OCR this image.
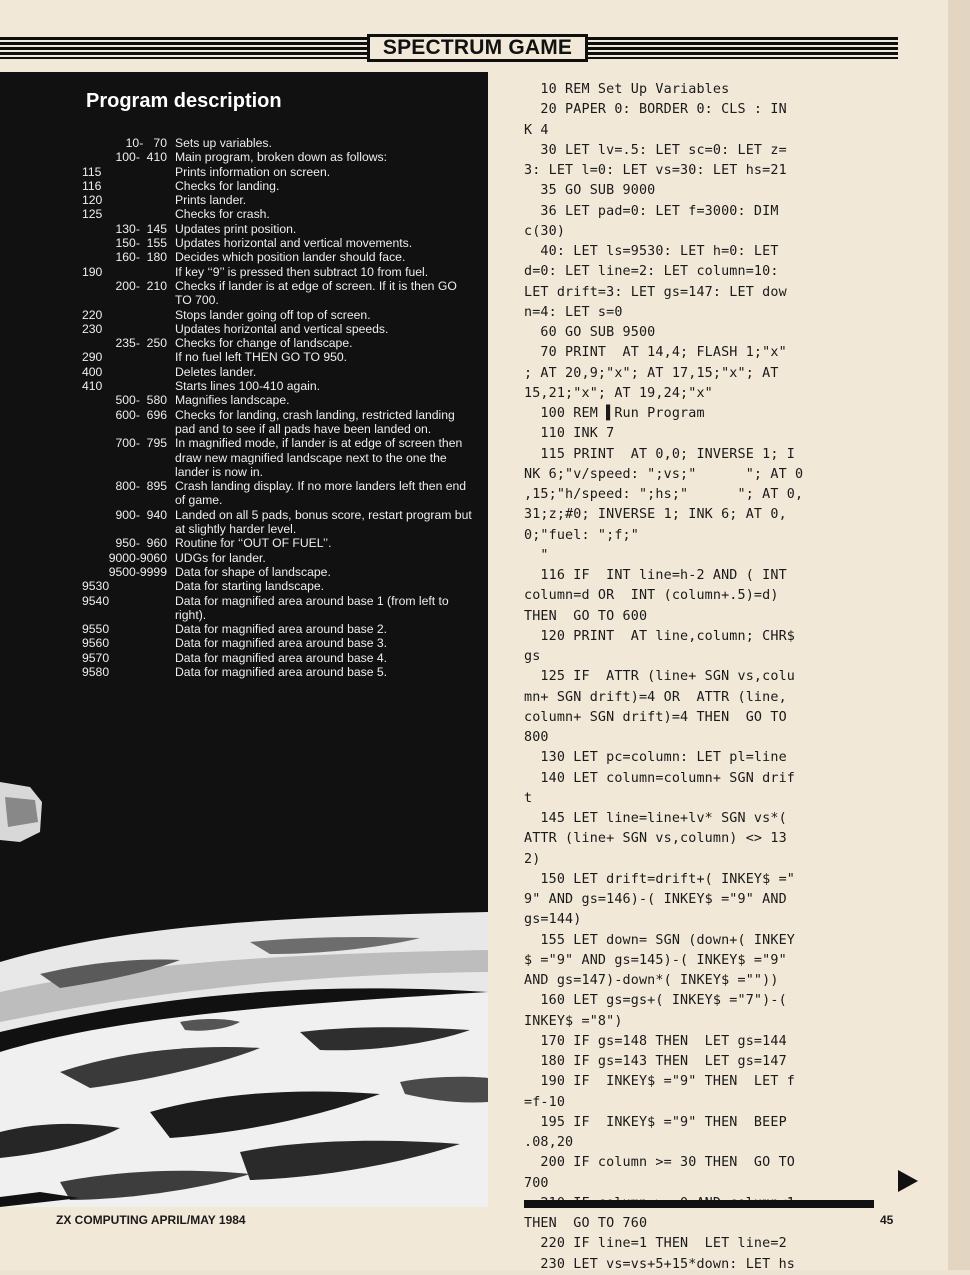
SPECTRUM GAME
Program description
10-   70 Sets up variables.
100-  410 Main program, broken down as follows:
115	Prints information on screen.
116	Checks for landing.
120	Prints lander.
125	Checks for crash.
130-  145 Updates print position.
150-  155 Updates horizontal and vertical movements.
160-  180 Decides which position lander should face.
190	If key ‘‘9’’ is pressed then subtract 10 from fuel.
200-  210 Checks if lander is at edge of screen. If it is then GO TO 700.
220	Stops lander going off top of screen.
230	Updates horizontal and vertical speeds.
235-  250 Checks for change of landscape.
290	If no fuel left THEN GO TO 950.
400	Deletes lander.
410	Starts lines 100-410 again.
500-  580 Magnifies landscape.
600-  696 Checks for landing, crash landing, restricted landing pad and to see if all pads have been landed on.
700-  795 In magnified mode, if lander is at edge of screen then draw new magnified landscape next to the one the lander is now in.
800-  895 Crash landing display. If no more landers left then end of game.
900-  940 Landed on all 5 pads, bonus score, restart program but at slightly harder level.
950-  960 Routine for ‘‘OUT OF FUEL’’.
9000-9060 UDGs for lander.
9500-9999 Data for shape of landscape.
9530	Data for starting landscape.
9540	Data for magnified area around base 1 (from left to right).
9550	Data for magnified area around base 2.
9560	Data for magnified area around base 3.
9570	Data for magnified area around base 4.
9580	Data for magnified area around base 5.
10 REM Set Up Variables
20 PAPER 0: BORDER 0: CLS : IN
K 4
30 LET lv=.5: LET sc=0: LET z=
3: LET l=0: LET vs=30: LET hs=21
35 GO SUB 9000
36 LET pad=0: LET f=3000: DIM
c(30)
40: LET ls=9530: LET h=0: LET
d=0: LET line=2: LET column=10:
LET drift=3: LET gs=147: LET dow
n=4: LET s=0
60 GO SUB 9500
70 PRINT  AT 14,4; FLASH 1;"x"
; AT 20,9;"x"; AT 17,15;"x"; AT
15,21;"x"; AT 19,24;"x"
100 REM ▌Run Program
110 INK 7
115 PRINT  AT 0,0; INVERSE 1; I
NK 6;"v/speed: ";vs;"      "; AT 0
,15;"h/speed: ";hs;"      "; AT 0,
31;z;#0; INVERSE 1; INK 6; AT 0,
0;"fuel: ";f;"
"
116 IF  INT line=h-2 AND ( INT
column=d OR  INT (column+.5)=d)
THEN  GO TO 600
120 PRINT  AT line,column; CHR$
gs
125 IF  ATTR (line+ SGN vs,colu
mn+ SGN drift)=4 OR  ATTR (line,
column+ SGN drift)=4 THEN  GO TO
800
130 LET pc=column: LET pl=line
140 LET column=column+ SGN drif
t
145 LET line=line+lv* SGN vs*(
ATTR (line+ SGN vs,column) <> 13
2)
150 LET drift=drift+( INKEY$ ="
9" AND gs=146)-( INKEY$ ="9" AND
gs=144)
155 LET down= SGN (down+( INKEY
$ ="9" AND gs=145)-( INKEY$ ="9"
AND gs=147)-down*( INKEY$ =""))
160 LET gs=gs+( INKEY$ ="7")-(
INKEY$ ="8")
170 IF gs=148 THEN  LET gs=144
180 IF gs=143 THEN  LET gs=147
190 IF  INKEY$ ="9" THEN  LET f
=f-10
195 IF  INKEY$ ="9" THEN  BEEP
.08,20
200 IF column >= 30 THEN  GO TO
700
THEN  GO TO 760
220 IF line=1 THEN  LET line=2
230 LET vs=vs+5+15*down: LET hs
ZX COMPUTING APRIL/MAY 1984	45
